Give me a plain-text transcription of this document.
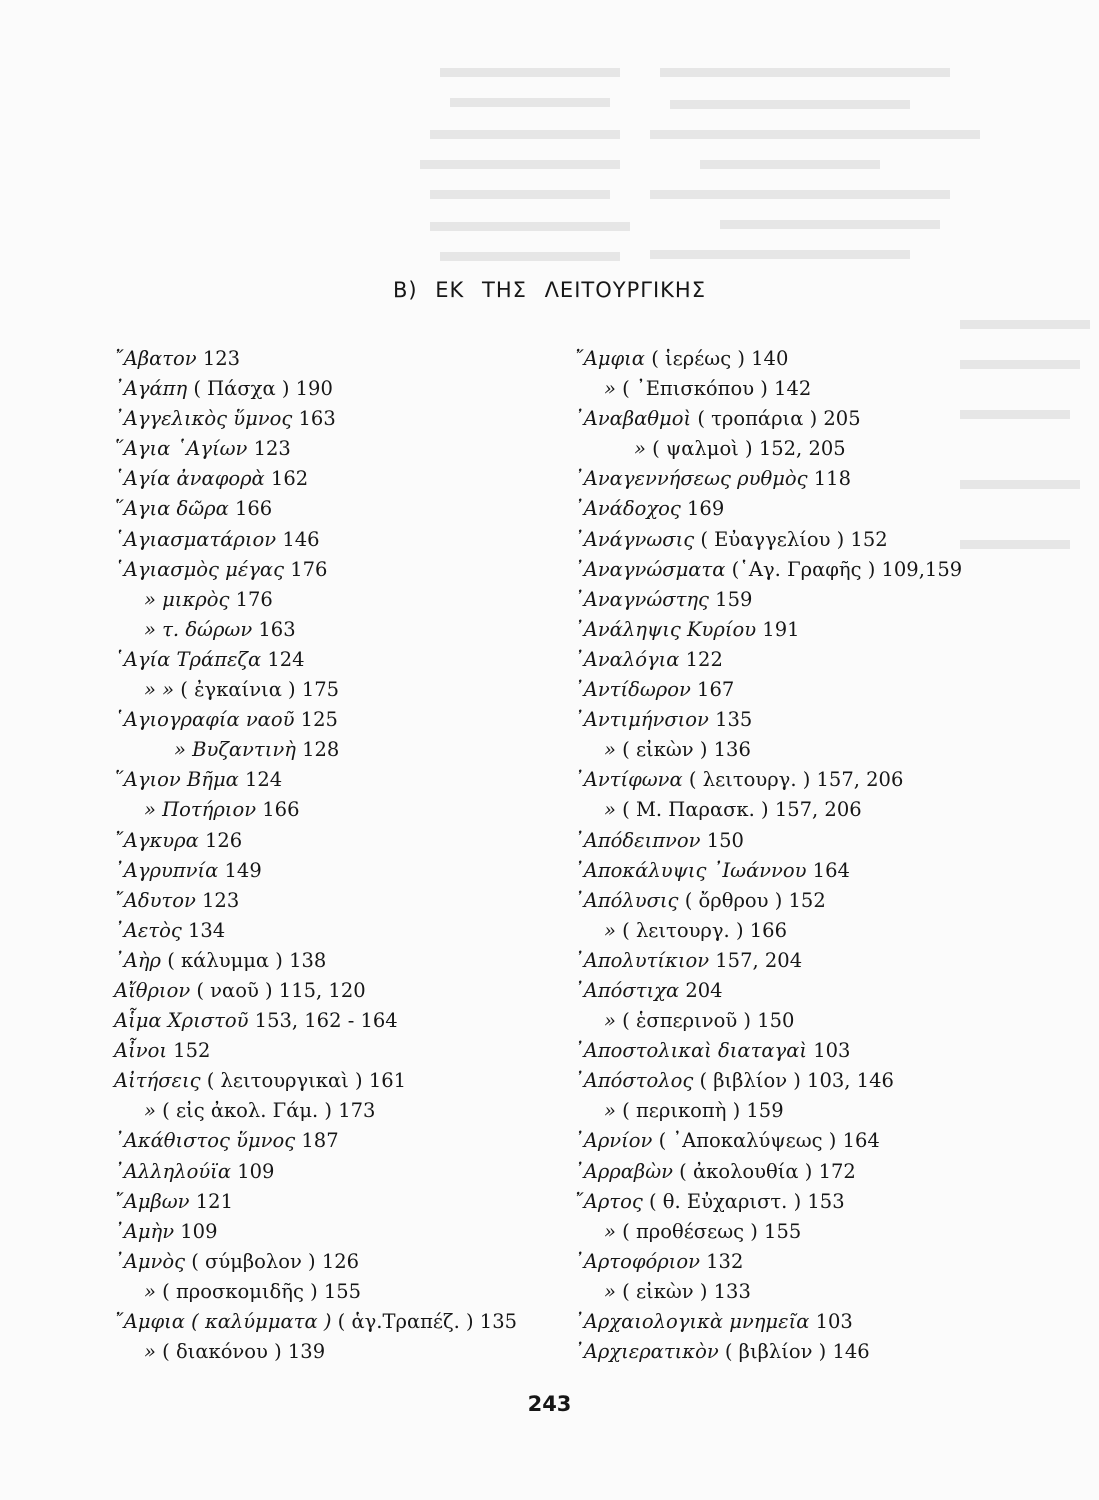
Β) ΕΚ ΤΗΣ ΛΕΙΤΟΥΡΓΙΚΗΣ
῎Αβατον 123
᾿Αγάπη ( Πάσχα ) 190
᾿Αγγελικὸς ὕμνος 163
῞Αγια ῾Αγίων 123
῾Αγία ἀναφορὰ 162
῞Αγια δῶρα 166
῾Αγιασματάριον 146
῾Αγιασμὸς μέγας 176
» μικρὸς 176
» τ. δώρων 163
῾Αγία Τράπεζα 124
» » ( ἐγκαίνια ) 175
῾Αγιογραφία ναοῦ 125
» Βυζαντινὴ 128
῞Αγιον Βῆμα 124
» Ποτήριον 166
῎Αγκυρα 126
᾿Αγρυπνία 149
῎Αδυτον 123
᾿Αετὸς 134
᾿Αὴρ ( κάλυμμα ) 138
Αἴθριον ( ναοῦ ) 115, 120
Αἷμα Χριστοῦ 153, 162 - 164
Αἶνοι 152
Αἰτήσεις ( λειτουργικαὶ ) 161
» ( εἰς ἀκολ. Γάμ. ) 173
᾿Ακάθιστος ὕμνος 187
᾿Αλληλούϊα 109
῎Αμβων 121
᾿Αμὴν 109
᾿Αμνὸς ( σύμβολον ) 126
» ( προσκομιδῆς ) 155
῎Αμφια ( καλύμματα ) ( ἁγ.Τραπέζ. ) 135
» ( διακόνου ) 139
῎Αμφια ( ἱερέως ) 140
» ( ᾿Επισκόπου ) 142
᾿Αναβαθμοὶ ( τροπάρια ) 205
» ( ψαλμοὶ ) 152, 205
᾿Αναγεννήσεως ρυθμὸς 118
᾿Ανάδοχος 169
᾿Ανάγνωσις ( Εὐαγγελίου ) 152
᾿Αναγνώσματα (῾Αγ. Γραφῆς ) 109,159
᾿Αναγνώστης 159
᾿Ανάληψις Κυρίου 191
᾿Αναλόγια 122
᾿Αντίδωρον 167
᾿Αντιμήνσιον 135
» ( εἰκὼν ) 136
᾿Αντίφωνα ( λειτουργ. ) 157, 206
» ( Μ. Παρασκ. ) 157, 206
᾿Απόδειπνον 150
᾿Αποκάλυψις ᾿Ιωάννου 164
᾿Απόλυσις ( ὄρθρου ) 152
» ( λειτουργ. ) 166
᾿Απολυτίκιον 157, 204
᾿Απόστιχα 204
» ( ἑσπερινοῦ ) 150
᾿Αποστολικαὶ διαταγαὶ 103
᾿Απόστολος ( βιβλίον ) 103, 146
» ( περικοπὴ ) 159
᾿Αρνίον ( ᾿Αποκαλύψεως ) 164
᾿Αρραβὼν ( ἀκολουθία ) 172
῎Αρτος ( θ. Εὐχαριστ. ) 153
» ( προθέσεως ) 155
᾿Αρτοφόριον 132
» ( εἰκὼν ) 133
᾿Αρχαιολογικὰ μνημεῖα 103
᾿Αρχιερατικὸν ( βιβλίον ) 146
243
